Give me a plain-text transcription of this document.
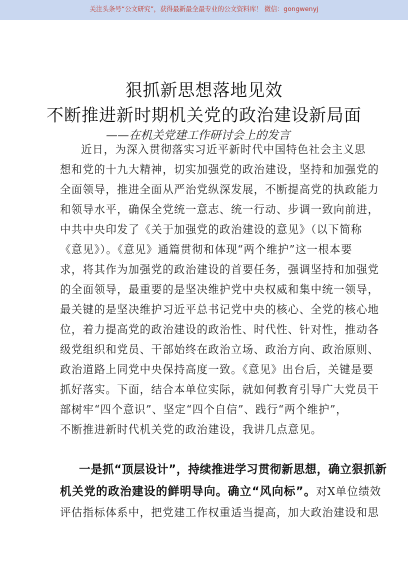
关注头条号“公文研究”，获得最新最全最专业的公文资料库！ 微信：gongwenyj
狠抓新思想落地见效
不断推进新时期机关党的政治建设新局面
——在机关党建工作研讨会上的发言
近日，为深入贯彻落实习近平新时代中国特色社会主义思
想和党的十九大精神，切实加强党的政治建设，坚持和加强党的
全面领导，推进全面从严治党纵深发展，不断提高党的执政能力
和领导水平，确保全党统一意志、统一行动、步调一致向前进，
中共中央印发了《关于加强党的政治建设的意见》（以下简称
《意见》）。《意见》通篇贯彻和体现“两个维护”这一根本要
求，将其作为加强党的政治建设的首要任务，强调坚持和加强党
的全面领导，最重要的是坚决维护党中央权威和集中统一领导，
最关键的是坚决维护习近平总书记党中央的核心、全党的核心地
位，着力提高党的政治建设的政治性、时代性、针对性，推动各
级党组织和党员、干部始终在政治立场、政治方向、政治原则、
政治道路上同党中央保持高度一致。《意见》出台后，关键是要
抓好落实。下面，结合本单位实际，就如何教育引导广大党员干
部树牢“四个意识”、坚定“四个自信”、践行“两个维护”，
不断推进新时代机关党的政治建设，我讲几点意见。
一是抓“顶层设计”，持续推进学习贯彻新思想，确立狠抓新
机关党的政治建设的鲜明导向。确立“风向标”。对X单位绩效
评估指标体系中，把党建工作权重适当提高，加大政治建设和思
